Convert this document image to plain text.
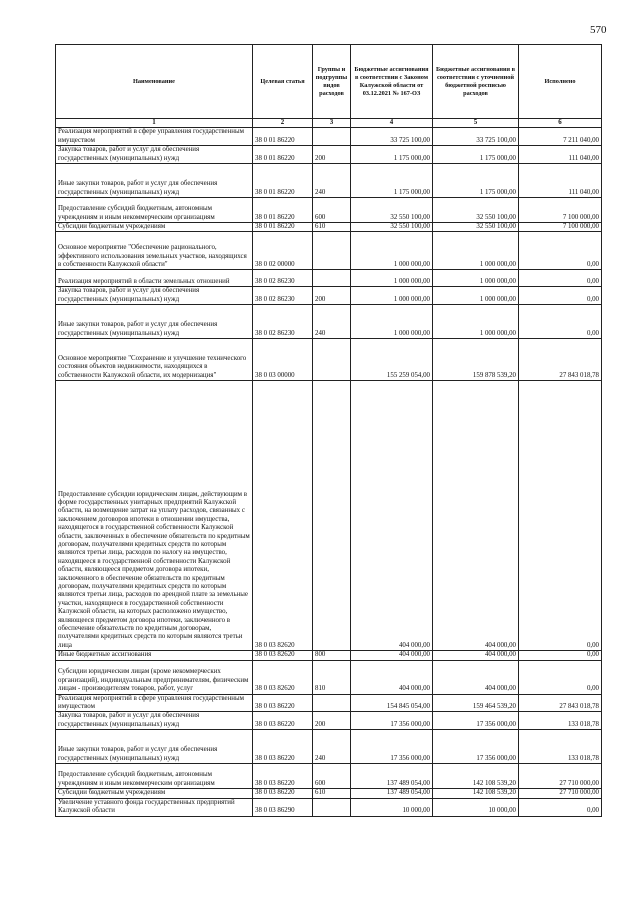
570
Наименование	Целевая статья	Группы и подгруппы видов расходов	Бюджетные ассигнования в соответствии с Законом Калужской области от 03.12.2021 № 167-ОЗ	Бюджетные ассигнования в соответствии с уточненной бюджетной росписью расходов	Исполнено
1	2	3	4	5	6
Реализация мероприятий в сфере управления государственным имуществом	38 0 01 86220		33 725 100,00	33 725 100,00	7 211 040,00
Закупка товаров, работ и услуг для обеспечения государственных (муниципальных) нужд	38 0 01 86220	200	1 175 000,00	1 175 000,00	111 040,00
Иные закупки товаров, работ и услуг для обеспечения государственных (муниципальных) нужд	38 0 01 86220	240	1 175 000,00	1 175 000,00	111 040,00
Предоставление субсидий бюджетным, автономным учреждениям и иным некоммерческим организациям	38 0 01 86220	600	32 550 100,00	32 550 100,00	7 100 000,00
Субсидии бюджетным учреждениям	38 0 01 86220	610	32 550 100,00	32 550 100,00	7 100 000,00
Основное мероприятие "Обеспечение рационального, эффективного использования земельных участков, находящихся в собственности Калужской области"	38 0 02 00000		1 000 000,00	1 000 000,00	0,00
Реализация мероприятий в области земельных отношений	38 0 02 86230		1 000 000,00	1 000 000,00	0,00
Закупка товаров, работ и услуг для обеспечения государственных (муниципальных) нужд	38 0 02 86230	200	1 000 000,00	1 000 000,00	0,00
Иные закупки товаров, работ и услуг для обеспечения государственных (муниципальных) нужд	38 0 02 86230	240	1 000 000,00	1 000 000,00	0,00
Основное мероприятие "Сохранение и улучшение технического состояния объектов недвижимости, находящихся в собственности Калужской области, их модернизация"	38 0 03 00000		155 259 054,00	159 878 539,20	27 843 018,78
Предоставление субсидии юридическим лицам, действующим в форме государственных унитарных предприятий Калужской области, на возмещение затрат на уплату расходов, связанных с заключением договоров ипотеки в отношении имущества, находящегося в государственной собственности Калужской области, заключенных в обеспечение обязательств по кредитным договорам, получателями кредитных средств по которым являются третьи лица, расходов по налогу на имущество, находящееся в государственной собственности Калужской области, являющееся предметом договора ипотеки, заключенного в обеспечение обязательств по кредитным договорам, получателями кредитных средств по которым являются третьи лица, расходов по арендной плате за земельные участки, находящиеся в государственной собственности Калужской области, на которых расположено имущество, являющееся предметом договора ипотеки, заключенного в обеспечение обязательств по кредитным договорам, получателями кредитных средств по которым являются третьи лица	38 0 03 82620		404 000,00	404 000,00	0,00
Иные бюджетные ассигнования	38 0 03 82620	800	404 000,00	404 000,00	0,00
Субсидии юридическим лицам (кроме некоммерческих организаций), индивидуальным предпринимателям, физическим лицам - производителям товаров, работ, услуг	38 0 03 82620	810	404 000,00	404 000,00	0,00
Реализация мероприятий в сфере управления государственным имуществом	38 0 03 86220		154 845 054,00	159 464 539,20	27 843 018,78
Закупка товаров, работ и услуг для обеспечения государственных (муниципальных) нужд	38 0 03 86220	200	17 356 000,00	17 356 000,00	133 018,78
Иные закупки товаров, работ и услуг для обеспечения государственных (муниципальных) нужд	38 0 03 86220	240	17 356 000,00	17 356 000,00	133 018,78
Предоставление субсидий бюджетным, автономным учреждениям и иным некоммерческим организациям	38 0 03 86220	600	137 489 054,00	142 108 539,20	27 710 000,00
Субсидии бюджетным учреждениям	38 0 03 86220	610	137 489 054,00	142 108 539,20	27 710 000,00
Увеличение уставного фонда государственных предприятий Калужской области	38 0 03 86290		10 000,00	10 000,00	0,00
